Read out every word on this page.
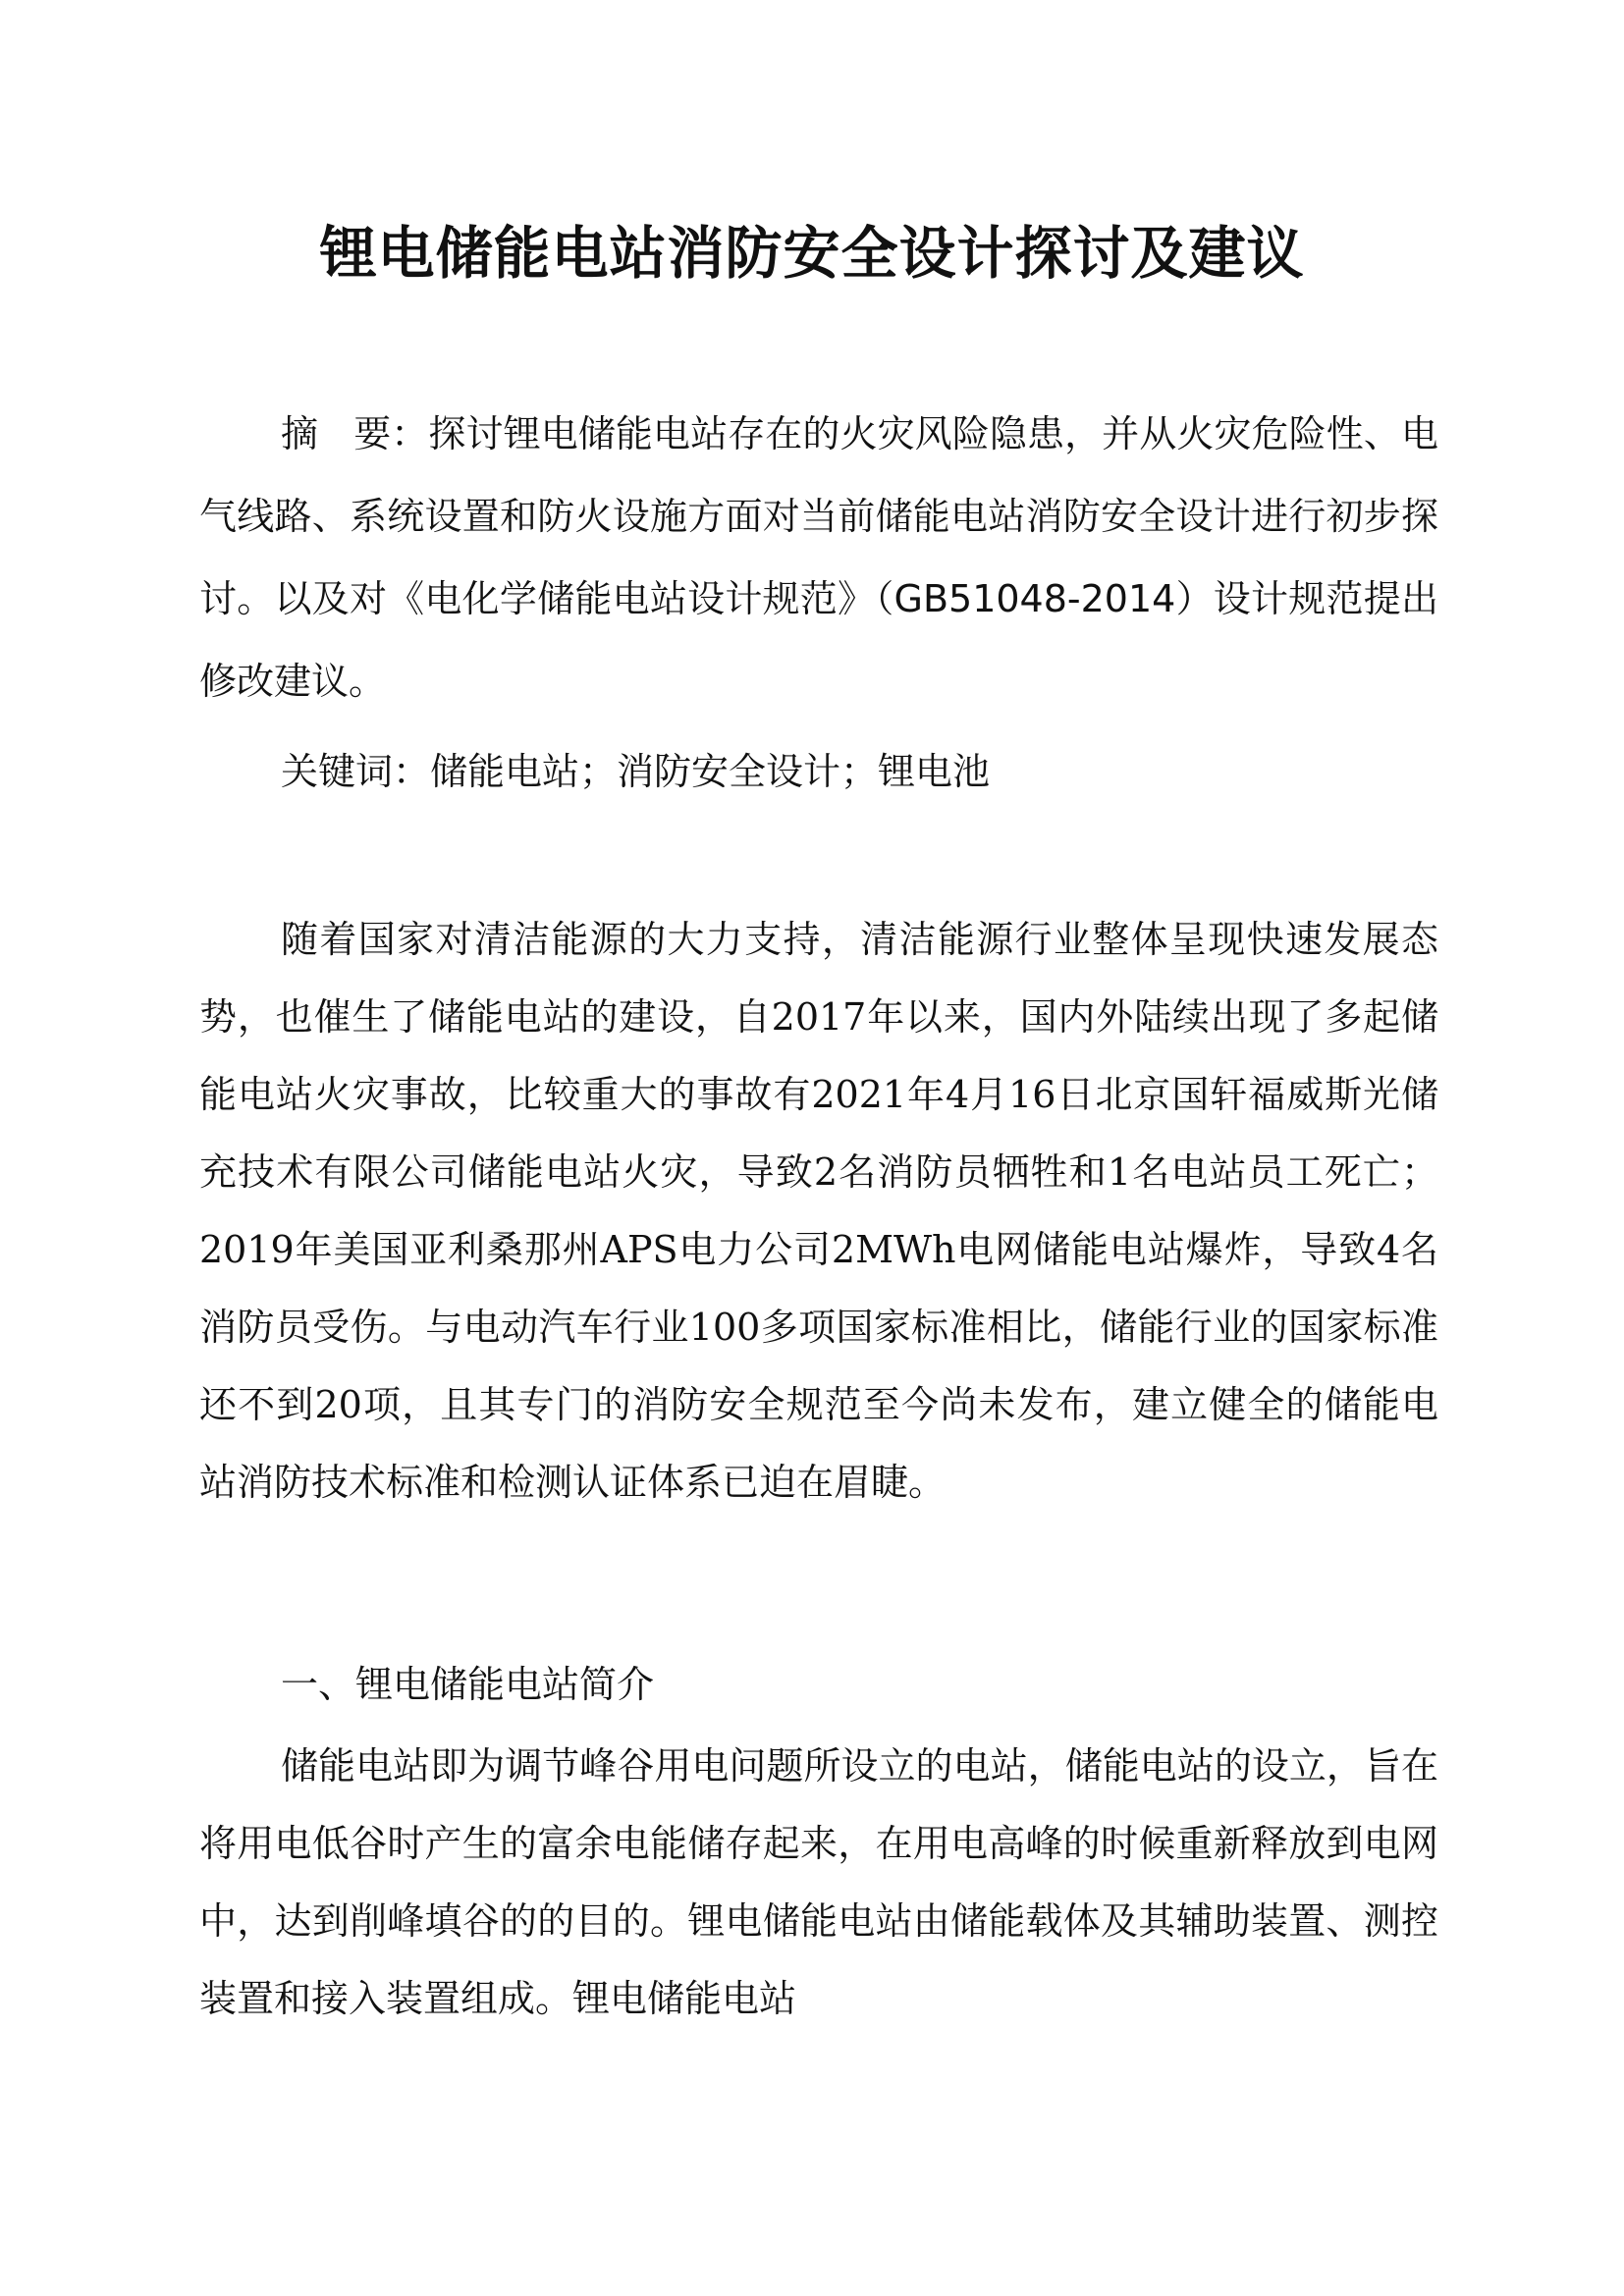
锂电储能电站消防安全设计探讨及建议

摘 要：探讨锂电储能电站存在的火灾风险隐患，并从火灾危险性、电气线路、系统设置和防火设施方面对当前储能电站消防安全设计进行初步探讨。以及对《电化学储能电站设计规范》（GB51048-2014）设计规范提出修改建议。

关键词：储能电站；消防安全设计；锂电池

随着国家对清洁能源的大力支持，清洁能源行业整体呈现快速发展态势，也催生了储能电站的建设，自2017年以来，国内外陆续出现了多起储能电站火灾事故，比较重大的事故有2021年4月16日北京国轩福威斯光储充技术有限公司储能电站火灾，导致2名消防员牺牲和1名电站员工死亡；2019年美国亚利桑那州APS电力公司2MWh电网储能电站爆炸，导致4名消防员受伤。与电动汽车行业100多项国家标准相比，储能行业的国家标准还不到20项，且其专门的消防安全规范至今尚未发布，建立健全的储能电站消防技术标准和检测认证体系已迫在眉睫。

一、锂电储能电站简介

储能电站即为调节峰谷用电问题所设立的电站，储能电站的设立，旨在将用电低谷时产生的富余电能储存起来，在用电高峰的时候重新释放到电网中，达到削峰填谷的的目的。锂电储能电站由储能载体及其辅助装置、测控装置和接入装置组成。锂电储能电站
